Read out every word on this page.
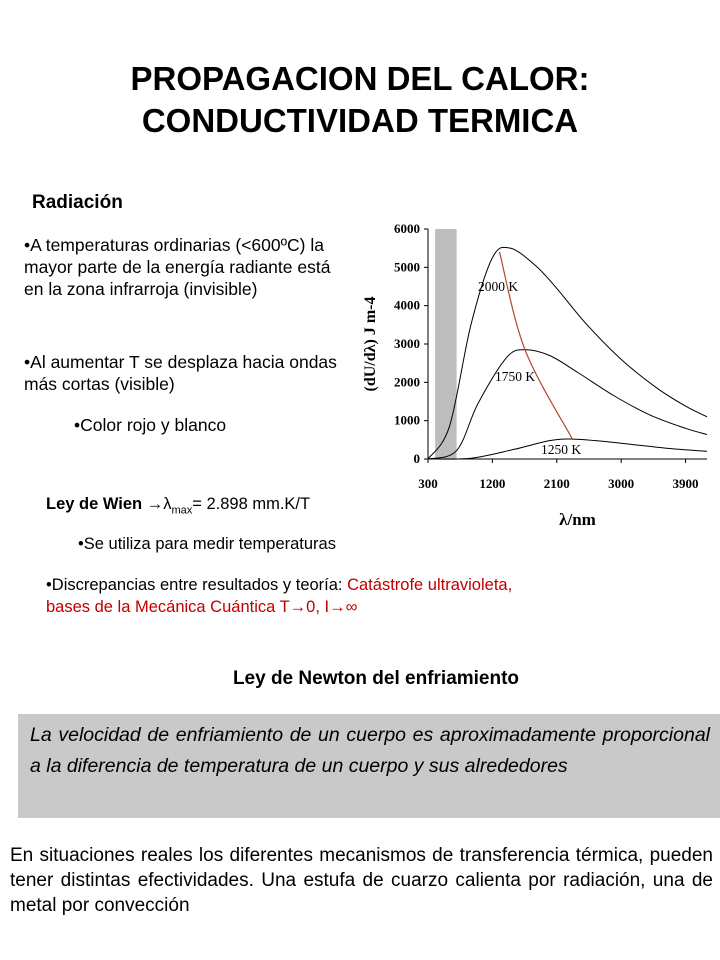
PROPAGACION DEL CALOR:
CONDUCTIVIDAD TERMICA
Radiación
•A temperaturas ordinarias (<600ºC) la mayor parte de la energía radiante está en la zona infrarroja (invisible)
•Al aumentar T se desplaza hacia ondas más cortas (visible)
•Color rojo y blanco
0
1000
2000
3000
4000
5000
6000
300	1200	2100	3000	3900
2000 K
1750 K
1250 K
(dU/dλ) J m-4
λ/nm
Ley de Wien $\to\lambda_{max}= 2.898$ mm.K/T
•Se utiliza para medir temperaturas
•Discrepancias entre resultados y teoría: Catástrofe ultravioleta,
bases de la Mecánica Cuántica T→0, I→∞
Ley de Newton del enfriamiento
La velocidad de enfriamiento de un cuerpo es aproximadamente proporcional a la diferencia de temperatura de un cuerpo y sus alrededores
En situaciones reales los diferentes mecanismos de transferencia térmica, pueden tener distintas efectividades. Una estufa de cuarzo calienta por radiación, una de metal por convección
